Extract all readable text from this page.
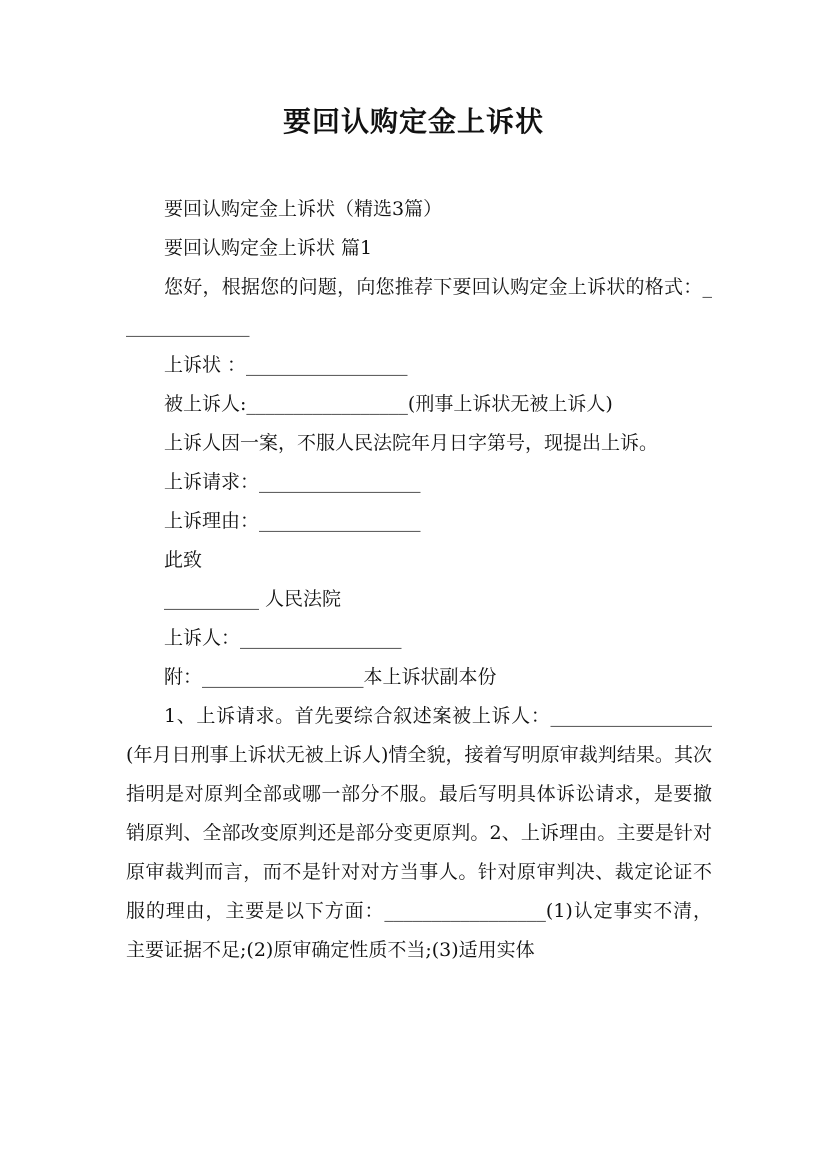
要回认购定金上诉状

要回认购定金上诉状（精选3篇）

要回认购定金上诉状 篇1

您好，根据您的问题，向您推荐下要回认购定金上诉状的格式：______________

上诉状 ：_________________

被上诉人:_________________(刑事上诉状无被上诉人)

上诉人因一案，不服人民法院年月日字第号，现提出上诉。

上诉请求：_________________

上诉理由：_________________

此致

__________ 人民法院

上诉人：_________________

附：_________________本上诉状副本份

1、上诉请求。首先要综合叙述案被上诉人：_________________(年月日刑事上诉状无被上诉人)情全貌，接着写明原审裁判结果。其次指明是对原判全部或哪一部分不服。最后写明具体诉讼请求，是要撤销原判、全部改变原判还是部分变更原判。2、上诉理由。主要是针对原审裁判而言，而不是针对对方当事人。针对原审判决、裁定论证不服的理由，主要是以下方面：_________________(1)认定事实不清，主要证据不足;(2)原审确定性质不当;(3)适用实体
